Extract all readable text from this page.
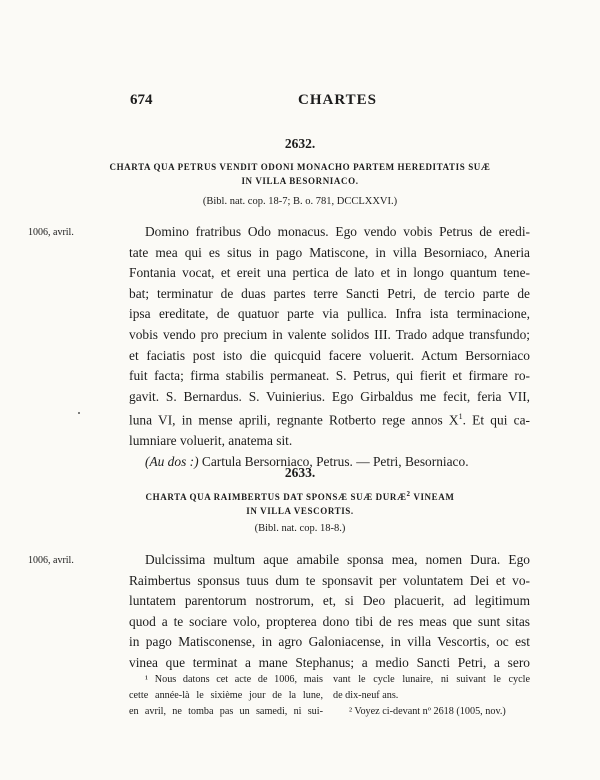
674	CHARTES
2632.
CHARTA QUA PETRUS VENDIT ODONI MONACHO PARTEM HEREDITATIS SUÆ
IN VILLA BESORNIACO.
(Bibl. nat. cop. 18-7; B. o. 781, DCCLXXVI.)
1006, avril.	Domino fratribus Odo monacus. Ego vendo vobis Petrus de eredi-
tate mea qui es situs in pago Matiscone, in villa Besorniaco, Aneria
Fontania vocat, et ereit una pertica de lato et in longo quantum tene-
bat; terminatur de duas partes terre Sancti Petri, de tercio parte de
ipsa ereditate, de quatuor parte via pullica. Infra ista terminacione,
vobis vendo pro precium in valente solidos III. Trado adque transfundo;
et faciatis post isto die quicquid facere voluerit. Actum Bersorniaco
fuit facta; firma stabilis permaneat. S. Petrus, qui fierit et firmare ro-
gavit. S. Bernardus. S. Vuinierius. Ego Girbaldus me fecit, feria VII,
luna VI, in mense aprili, regnante Rotberto rege annos $X^1$. Et qui ca-
lumniare voluerit, anatema sit.
(Au dos :) Cartula Bersorniaco, Petrus. — Petri, Besorniaco.
2633.
CHARTA QUA RAIMBERTUS DAT SPONSÆ SUÆ DURÆ$^2$ VINEAM
IN VILLA VESCORTIS.
(Bibl. nat. cop. 18-8.)
1006, avril.	Dulcissima multum aque amabile sponsa mea, nomen Dura. Ego
Raimbertus sponsus tuus dum te sponsavit per voluntatem Dei et vo-
luntatem parentorum nostrorum, et, si Deo placuerit, ad legitimum
quod a te sociare volo, propterea dono tibi de res meas que sunt sitas
in pago Matisconense, in agro Galoniacense, in villa Vescortis, oc est
vinea que terminat a mane Stephanus; a medio Sancti Petri, a sero
¹ Nous datons cet acte de 1006, mais
cette année-là le sixième jour de la lune,
en avril, ne tomba pas un samedi, ni sui-
vant le cycle lunaire, ni suivant le cycle
de dix-neuf ans.
² Voyez ci-devant nº 2618 (1005, nov.)
